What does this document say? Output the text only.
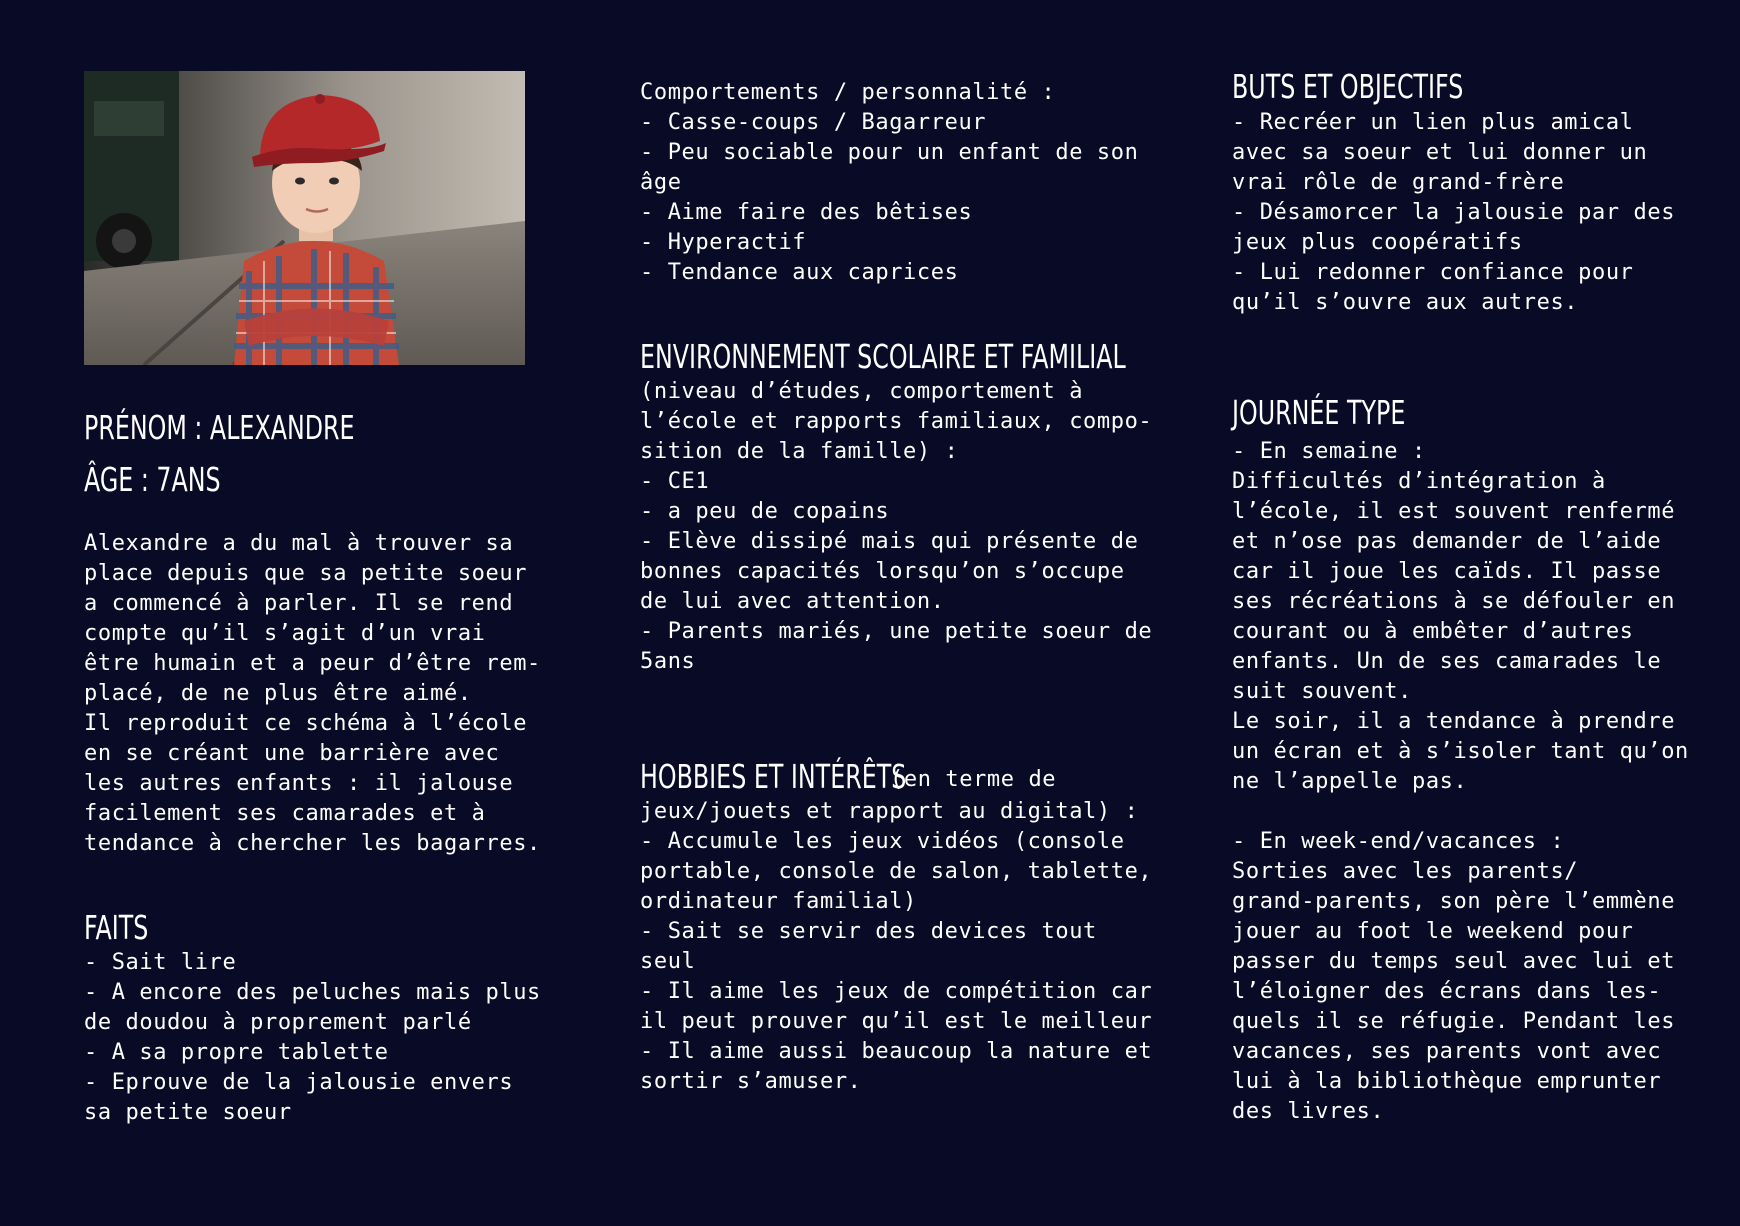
PRÉNOM : ALEXANDRE
ÂGE : 7ANS

Alexandre a du mal à trouver sa
place depuis que sa petite soeur
a commencé à parler. Il se rend
compte qu’il s’agit d’un vrai
être humain et a peur d’être rem-
placé, de ne plus être aimé.
Il reproduit ce schéma à l’école
en se créant une barrière avec
les autres enfants : il jalouse
facilement ses camarades et à
tendance à chercher les bagarres.

FAITS

- Sait lire
- A encore des peluches mais plus
de doudou à proprement parlé
- A sa propre tablette
- Eprouve de la jalousie envers
sa petite soeur

Comportements / personnalité :
- Casse-coups / Bagarreur
- Peu sociable pour un enfant de son
âge
- Aime faire des bêtises
- Hyperactif
- Tendance aux caprices

ENVIRONNEMENT SCOLAIRE ET FAMILIAL

(niveau d’études, comportement à
l’école et rapports familiaux, compo-
sition de la famille) :
- CE1
- a peu de copains
- Elève dissipé mais qui présente de
bonnes capacités lorsqu’on s’occupe
de lui avec attention.
- Parents mariés, une petite soeur de
5ans

HOBBIES ET INTÉRÊTS
(en terme de

jeux/jouets et rapport au digital) :
- Accumule les jeux vidéos (console
portable, console de salon, tablette,
ordinateur familial)
- Sait se servir des devices tout
seul
- Il aime les jeux de compétition car
il peut prouver qu’il est le meilleur
- Il aime aussi beaucoup la nature et
sortir s’amuser.

BUTS ET OBJECTIFS

- Recréer un lien plus amical
avec sa soeur et lui donner un
vrai rôle de grand-frère
- Désamorcer la jalousie par des
jeux plus coopératifs
- Lui redonner confiance pour
qu’il s’ouvre aux autres.

JOURNÉE TYPE

- En semaine :
Difficultés d’intégration à
l’école, il est souvent renfermé
et n’ose pas demander de l’aide
car il joue les caïds. Il passe
ses récréations à se défouler en
courant ou à embêter d’autres
enfants. Un de ses camarades le
suit souvent.
Le soir, il a tendance à prendre
un écran et à s’isoler tant qu’on
ne l’appelle pas.

- En week-end/vacances :
Sorties avec les parents/
grand-parents, son père l’emmène
jouer au foot le weekend pour
passer du temps seul avec lui et
l’éloigner des écrans dans les-
quels il se réfugie. Pendant les
vacances, ses parents vont avec
lui à la bibliothèque emprunter
des livres.
